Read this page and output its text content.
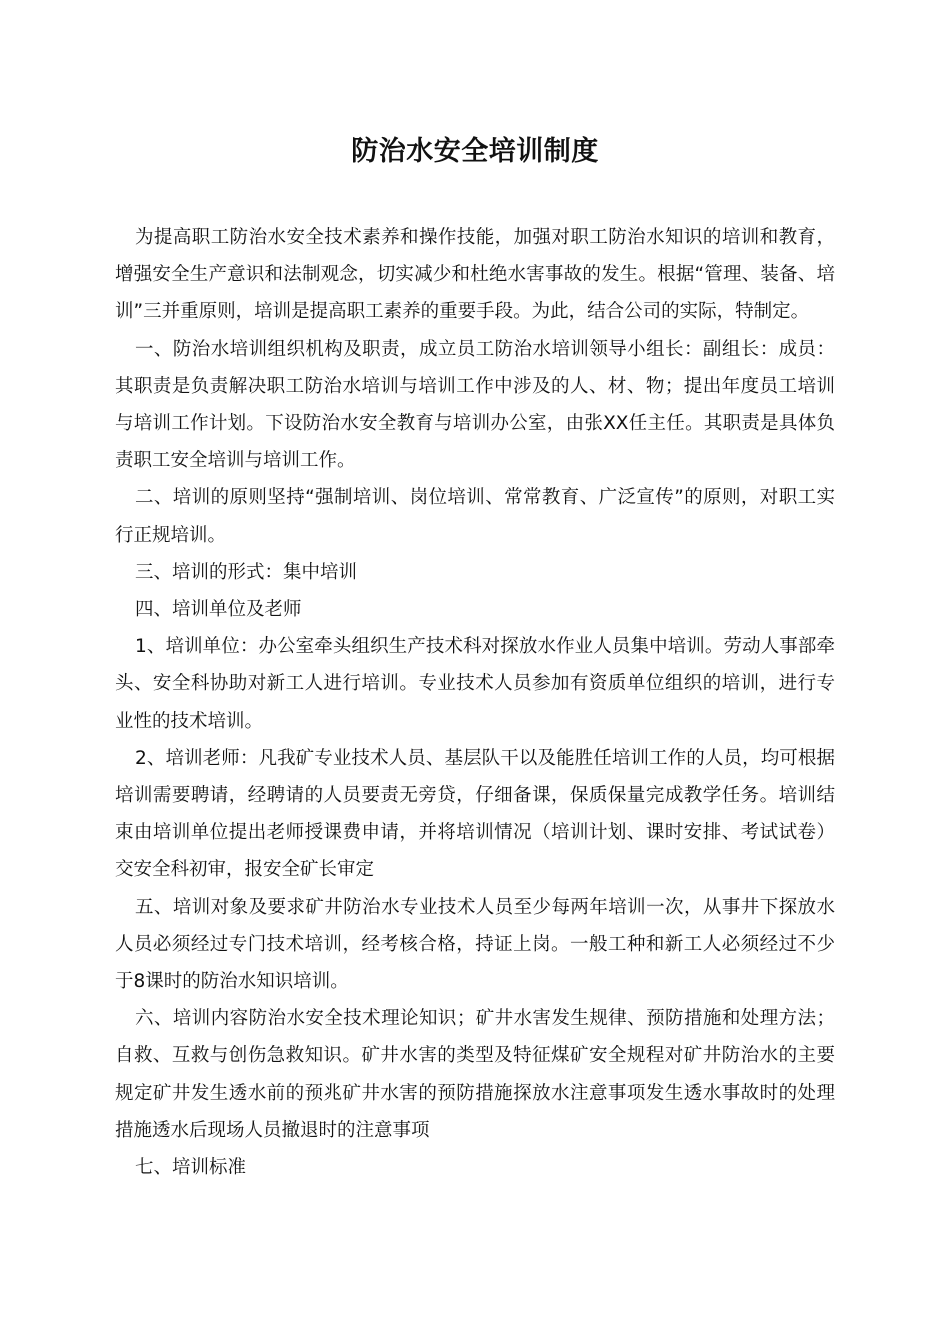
防治水安全培训制度

为提高职工防治水安全技术素养和操作技能，加强对职工防治水知识的培训和教育，增强安全生产意识和法制观念，切实减少和杜绝水害事故的发生。根据“管理、装备、培训”三并重原则，培训是提高职工素养的重要手段。为此，结合公司的实际，特制定。

一、防治水培训组织机构及职责，成立员工防治水培训领导小组长：副组长：成员：其职责是负责解决职工防治水培训与培训工作中涉及的人、材、物；提出年度员工培训与培训工作计划。下设防治水安全教育与培训办公室，由张XX任主任。其职责是具体负责职工安全培训与培训工作。

二、培训的原则坚持“强制培训、岗位培训、常常教育、广泛宣传”的原则，对职工实行正规培训。

三、培训的形式：集中培训

四、培训单位及老师

1、培训单位：办公室牵头组织生产技术科对探放水作业人员集中培训。劳动人事部牵头、安全科协助对新工人进行培训。专业技术人员参加有资质单位组织的培训，进行专业性的技术培训。

2、培训老师：凡我矿专业技术人员、基层队干以及能胜任培训工作的人员，均可根据培训需要聘请，经聘请的人员要责无旁贷，仔细备课，保质保量完成教学任务。培训结束由培训单位提出老师授课费申请，并将培训情况（培训计划、课时安排、考试试卷）交安全科初审，报安全矿长审定

五、培训对象及要求矿井防治水专业技术人员至少每两年培训一次，从事井下探放水人员必须经过专门技术培训，经考核合格，持证上岗。一般工种和新工人必须经过不少于8课时的防治水知识培训。

六、培训内容防治水安全技术理论知识；矿井水害发生规律、预防措施和处理方法；自救、互救与创伤急救知识。矿井水害的类型及特征煤矿安全规程对矿井防治水的主要规定矿井发生透水前的预兆矿井水害的预防措施探放水注意事项发生透水事故时的处理措施透水后现场人员撤退时的注意事项

七、培训标准
